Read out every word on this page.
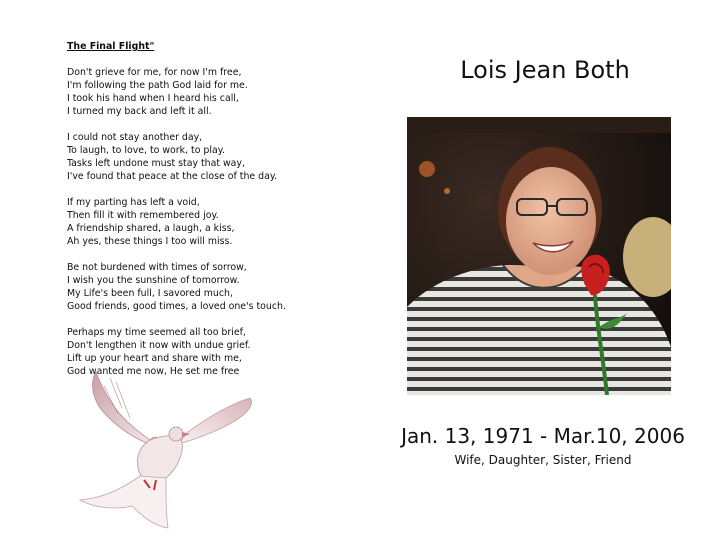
The Final Flight"
Don't grieve for me, for now I'm free,
I'm following the path God laid for me.
I took his hand when I heard his call,
I turned my back and left it all.
I could not stay another day,
To laugh, to love, to work, to play.
Tasks left undone must stay that way,
I've found that peace at the close of the day.
If my parting has left a void,
Then fill it with remembered joy.
A friendship shared, a laugh, a kiss,
Ah yes, these things I too will miss.
Be not burdened with times of sorrow,
I wish you the sunshine of tomorrow.
My Life's been full, I savored much,
Good friends, good times, a loved one's touch.
Perhaps my time seemed all too brief,
Don't lengthen it now with undue grief.
Lift up your heart and share with me,
God wanted me now, He set me free
Lois Jean Both
Jan. 13, 1971 - Mar.10, 2006
Wife, Daughter, Sister, Friend
